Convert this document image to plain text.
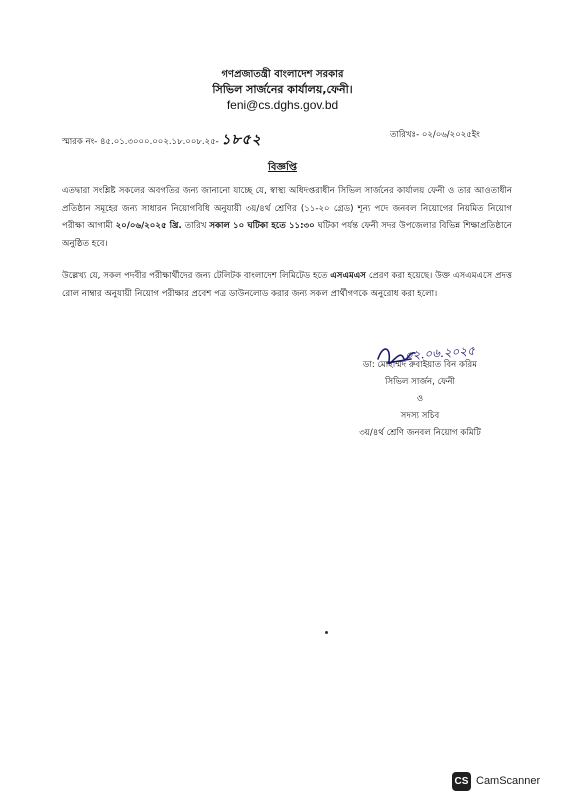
গণপ্রজাতন্ত্রী বাংলাদেশ সরকার
সিভিল সার্জনের কার্যালয়,ফেনী।
feni@cs.dghs.gov.bd
স্মারক নং- ৪৫.০১.৩০০০.০০২.১৮.০০৮.২৫- ১৮৫২	তারিখঃ- ০২/০৬/২০২৫ইং
বিজ্ঞপ্তি
এতদ্বারা সংশ্লিষ্ট সকলের অবগতির জন্য জানানো যাচ্ছে যে, স্বাস্থ্য অধিদপ্তরাধীন সিভিল সার্জনের কার্যালয় ফেনী ও তার আওতাধীন প্রতিষ্ঠান সমূহের জন্য সাধারন নিয়োগবিধি অনুযায়ী ৩য়/৪র্থ শ্রেণির (১১-২০ গ্রেড) শূন্য পদে জনবল নিয়োগের নিয়মিত নিয়োগ পরীক্ষা আগামী ২০/০৬/২০২৫ খ্রি. তারিখ সকাল ১০ ঘটিকা হতে ১১:৩০ ঘটিকা পর্যন্ত ফেনী সদর উপজেলার বিভিন্ন শিক্ষাপ্রতিষ্ঠানে অনুষ্ঠিত হবে।
উল্লেখ্য যে, সকল পদবীর পরীক্ষার্থীদের জন্য টেলিটক বাংলাদেশ লিমিটেড হতে এসএমএস প্রেরণ করা হয়েছে। উক্ত এসএমএসে প্রদত্ত রোল নাম্বার অনুযায়ী নিয়োগ পরীক্ষার প্রবেশ পত্র ডাউনলোড করার জন্য সকল প্রার্থীগণকে অনুরোধ করা হলো।
০২.০৬.২০২৫
ডা: মোহাম্মদ রুবাইয়াত বিন করিম
সিভিল সার্জন, ফেনী
ও
সদস্য সচিব
৩য়/৪র্থ শ্রেণি জনবল নিয়োগ কমিটি
CS CamScanner
